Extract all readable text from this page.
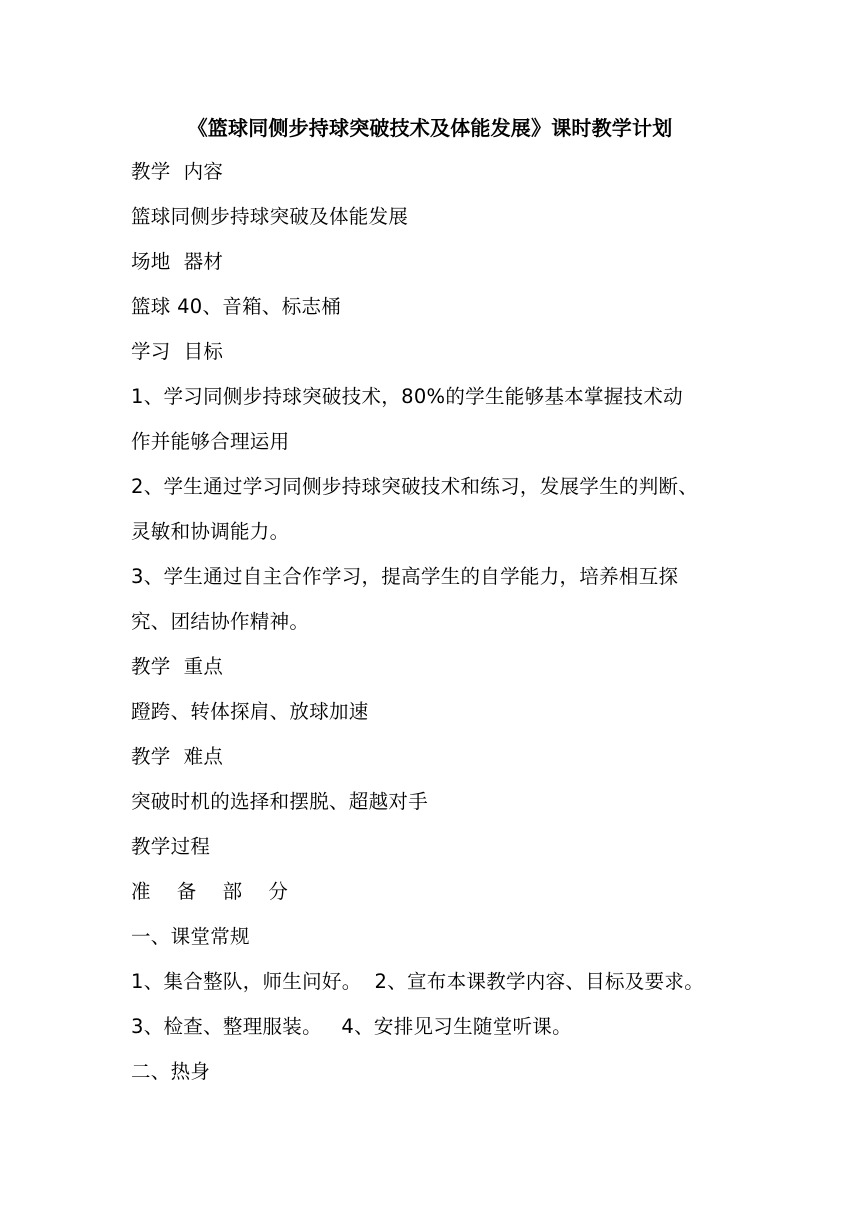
《篮球同侧步持球突破技术及体能发展》课时教学计划
教学  内容
篮球同侧步持球突破及体能发展
场地  器材
篮球 40、音箱、标志桶
学习  目标
1、学习同侧步持球突破技术，80%的学生能够基本掌握技术动
作并能够合理运用
2、学生通过学习同侧步持球突破技术和练习，发展学生的判断、
灵敏和协调能力。
3、学生通过自主合作学习，提高学生的自学能力，培养相互探
究、团结协作精神。
教学  重点
蹬跨、转体探肩、放球加速
教学  难点
突破时机的选择和摆脱、超越对手
教学过程
准    备    部    分
一、课堂常规
1、集合整队，师生问好。  2、宣布本课教学内容、目标及要求。
3、检查、整理服装。   4、安排见习生随堂听课。
二、热身
